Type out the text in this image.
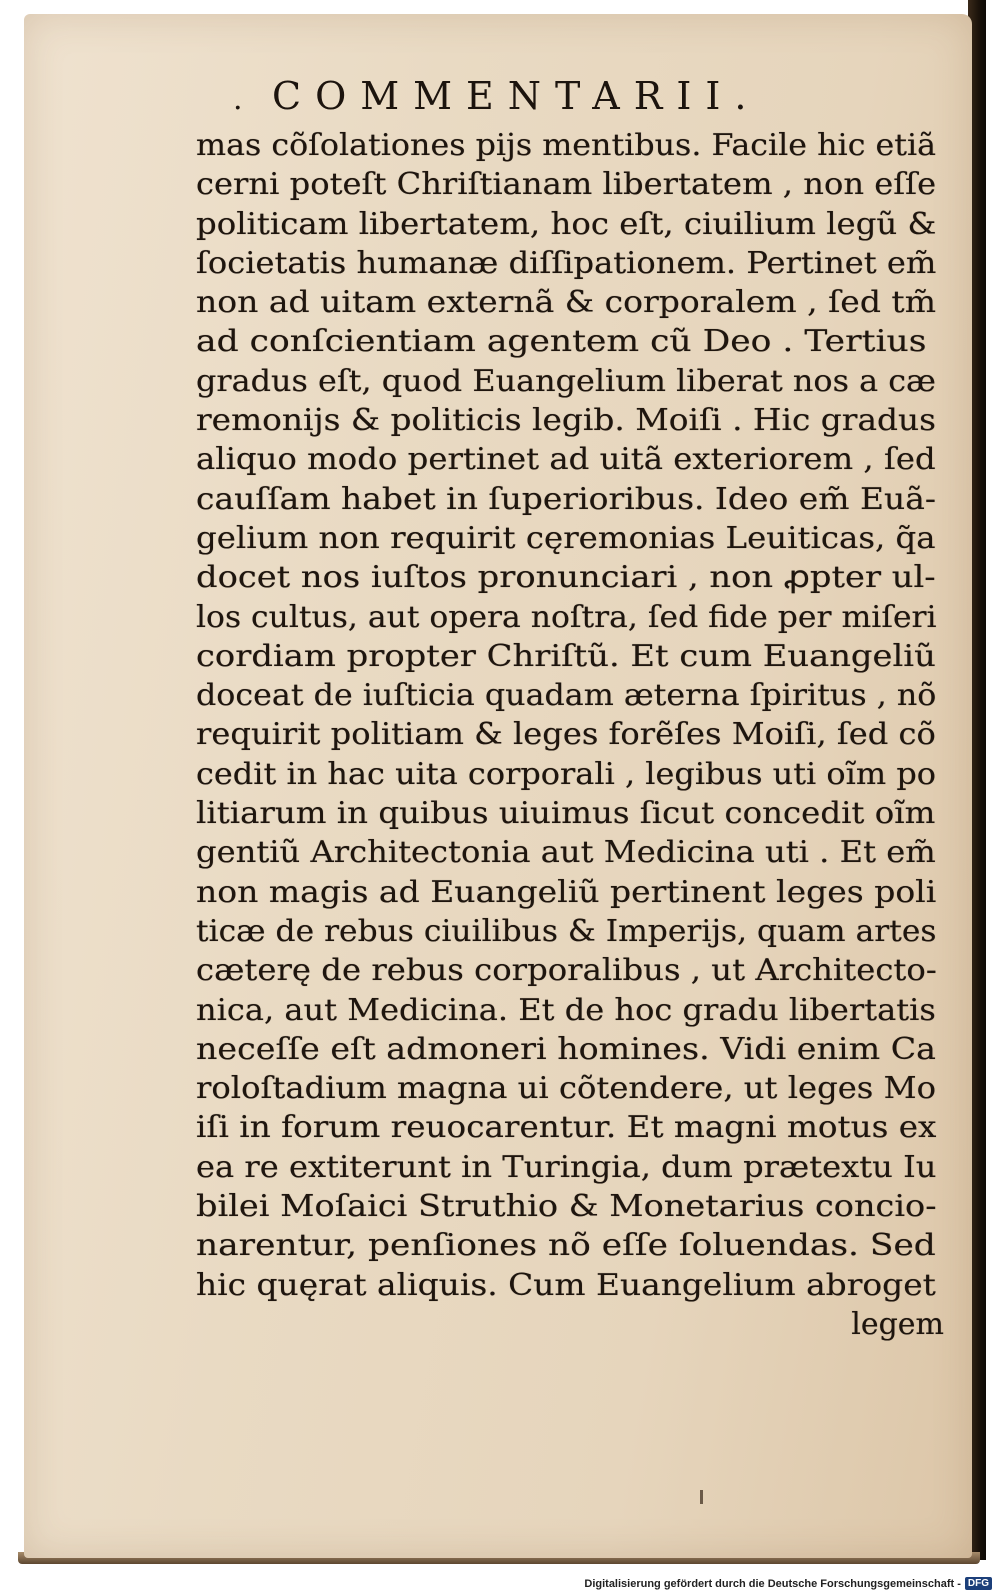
. COMMENTARII.
mas cõſolationes pijs mentibus. Facile hic etiã
cerni poteſt Chriſtianam libertatem , non eſſe
politicam libertatem, hoc eſt, ciuilium legũ &
ſocietatis humanæ diſſipationem. Pertinet em̃
non ad uitam externã & corporalem , ſed tm̃
ad conſcientiam agentem cũ Deo . Tertius
gradus eſt, quod Euangelium liberat nos a cæ
remonijs & politicis legib. Moiſi . Hic gradus
aliquo modo pertinet ad uitã exteriorem , ſed
cauſſam habet in ſuperioribus. Ideo em̃ Euã-
gelium non requirit cęremonias Leuiticas, q̃a
docet nos iuſtos pronunciari , non ꝓpter ul-
los cultus, aut opera noſtra, ſed fide per miſeri
cordiam propter Chriſtũ. Et cum Euangeliũ
doceat de iuſticia quadam æterna ſpiritus , nõ
requirit politiam & leges forẽſes Moiſi, ſed cõ
cedit in hac uita corporali , legibus uti oĩm po
litiarum in quibus uiuimus ſicut concedit oĩm
gentiũ Architectonia aut Medicina uti . Et em̃
non magis ad Euangeliũ pertinent leges poli
ticæ de rebus ciuilibus & Imperijs, quam artes
cæterę de rebus corporalibus , ut Architecto-
nica, aut Medicina. Et de hoc gradu libertatis
neceſſe eſt admoneri homines. Vidi enim Ca
roloſtadium magna ui cõtendere, ut leges Mo
iſi in forum reuocarentur. Et magni motus ex
ea re extiterunt in Turingia, dum prætextu Iu
bilei Moſaici Struthio & Monetarius concio-
narentur, penſiones nõ eſſe ſoluendas. Sed
hic quęrat aliquis. Cum Euangelium abroget
legem
Digitalisierung gefördert durch die Deutsche Forschungsgemeinschaft - DFG
